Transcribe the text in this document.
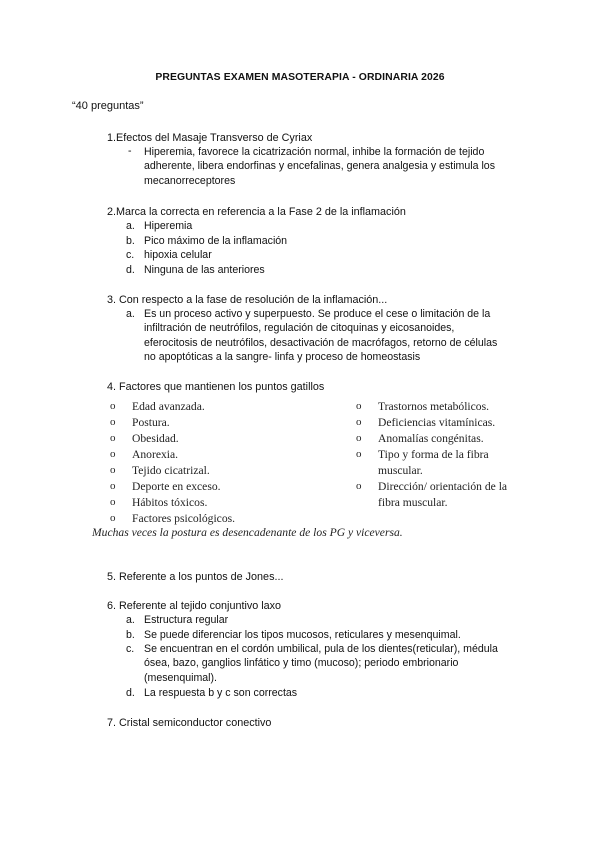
PREGUNTAS EXAMEN MASOTERAPIA - ORDINARIA 2026
“40 preguntas”
1.Efectos del Masaje Transverso de Cyriax
- Hiperemia, favorece la cicatrización normal, inhibe la formación de tejido
adherente, libera endorfinas y encefalinas, genera analgesia y estimula los
mecanorreceptores
2.Marca la correcta en referencia a la Fase 2 de la inflamación
a. Hiperemia
b. Pico máximo de la inflamación
c. hipoxia celular
d. Ninguna de las anteriores
3. Con respecto a la fase de resolución de la inflamación...
a. Es un proceso activo y superpuesto. Se produce el cese o limitación de la
infiltración de neutrófilos, regulación de citoquinas y eicosanoides,
eferocitosis de neutrófilos, desactivación de macrófagos, retorno de células
no apoptóticas a la sangre- linfa y proceso de homeostasis
4. Factores que mantienen los puntos gatillos
o Edad avanzada.
o Postura.
o Obesidad.
o Anorexia.
o Tejido cicatrizal.
o Deporte en exceso.
o Hábitos tóxicos.
o Factores psicológicos.
o Trastornos metabólicos.
o Deficiencias vitamínicas.
o Anomalías congénitas.
o Tipo y forma de la fibra
muscular.
o Dirección/ orientación de la
fibra muscular.
Muchas veces la postura es desencadenante de los PG y viceversa.
5. Referente a los puntos de Jones...
6. Referente al tejido conjuntivo laxo
a. Estructura regular
b. Se puede diferenciar los tipos mucosos, reticulares y mesenquimal.
c. Se encuentran en el cordón umbilical, pula de los dientes(reticular), médula
ósea, bazo, ganglios linfático y timo (mucoso); periodo embrionario
(mesenquimal).
d. La respuesta b y c son correctas
7. Cristal semiconductor conectivo
